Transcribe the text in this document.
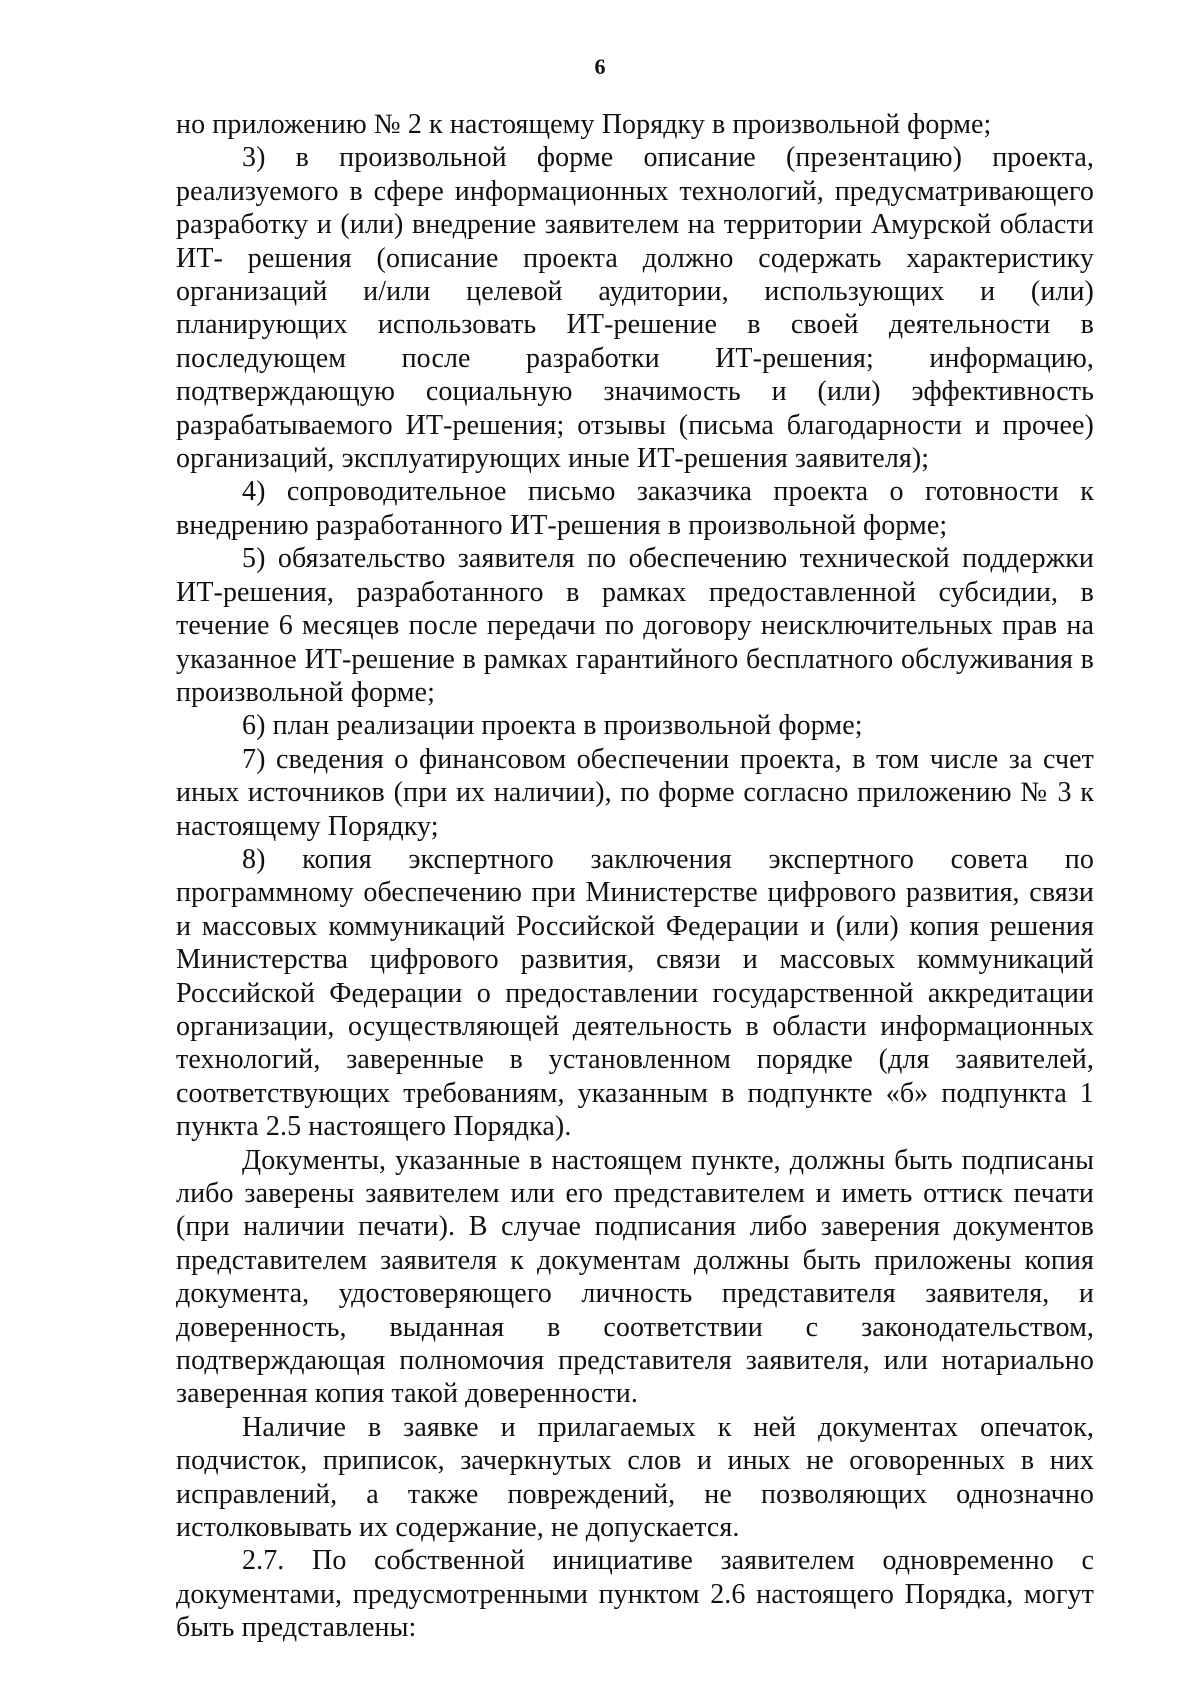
6

но приложению № 2 к настоящему Порядку в произвольной форме;

3) в произвольной форме описание (презентацию) проекта, реализуемого в сфере информационных технологий, предусматривающего разработку и (или) внедрение заявителем на территории Амурской области ИТ- решения (описание проекта должно содержать характеристику организаций и/или целевой аудитории, использующих и (или) планирующих использовать ИТ-решение в своей деятельности в последующем после разработки ИТ-решения; информацию, подтверждающую социальную значимость и (или) эффективность разрабатываемого ИТ-решения; отзывы (письма благодарности и прочее) организаций, эксплуатирующих иные ИТ-решения заявителя);

4) сопроводительное письмо заказчика проекта о готовности к внедрению разработанного ИТ-решения в произвольной форме;

5) обязательство заявителя по обеспечению технической поддержки ИТ-решения, разработанного в рамках предоставленной субсидии, в течение 6 месяцев после передачи по договору неисключительных прав на указанное ИТ-решение в рамках гарантийного бесплатного обслуживания в произвольной форме;

6) план реализации проекта в произвольной форме;

7) сведения о финансовом обеспечении проекта, в том числе за счет иных источников (при их наличии), по форме согласно приложению № 3 к настоящему Порядку;

8) копия экспертного заключения экспертного совета по программному обеспечению при Министерстве цифрового развития, связи и массовых коммуникаций Российской Федерации и (или) копия решения Министерства цифрового развития, связи и массовых коммуникаций Российской Федерации о предоставлении государственной аккредитации организации, осуществляющей деятельность в области информационных технологий, заверенные в установленном порядке (для заявителей, соответствующих требованиям, указанным в подпункте «б» подпункта 1 пункта 2.5 настоящего Порядка).

Документы, указанные в настоящем пункте, должны быть подписаны либо заверены заявителем или его представителем и иметь оттиск печати (при наличии печати). В случае подписания либо заверения документов представителем заявителя к документам должны быть приложены копия документа, удостоверяющего личность представителя заявителя, и доверенность, выданная в соответствии с законодательством, подтверждающая полномочия представителя заявителя, или нотариально заверенная копия такой доверенности.

Наличие в заявке и прилагаемых к ней документах опечаток, подчисток, приписок, зачеркнутых слов и иных не оговоренных в них исправлений, а также повреждений, не позволяющих однозначно истолковывать их содержание, не допускается.

2.7. По собственной инициативе заявителем одновременно с документами, предусмотренными пунктом 2.6 настоящего Порядка, могут быть представлены:
